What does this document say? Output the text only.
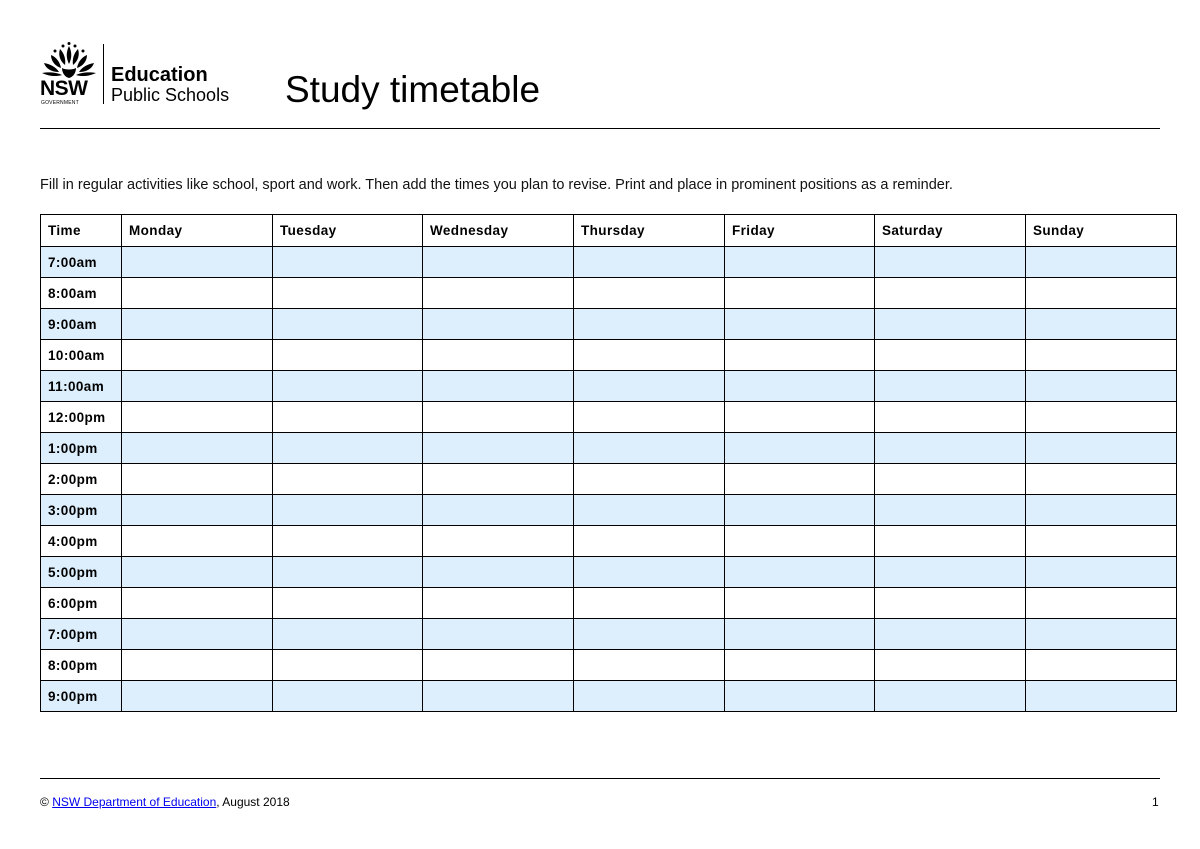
NSW
GOVERNMENT
Education
Public Schools Study timetable
Fill in regular activities like school, sport and work. Then add the times you plan to revise. Print and place in prominent positions as a reminder.
Time	Monday	Tuesday	Wednesday	Thursday	Friday	Saturday	Sunday
7:00am							
8:00am							
9:00am							
10:00am							
11:00am							
12:00pm							
1:00pm							
2:00pm							
3:00pm							
4:00pm							
5:00pm							
6:00pm							
7:00pm							
8:00pm							
9:00pm							
© NSW Department of Education, August 2018	1
